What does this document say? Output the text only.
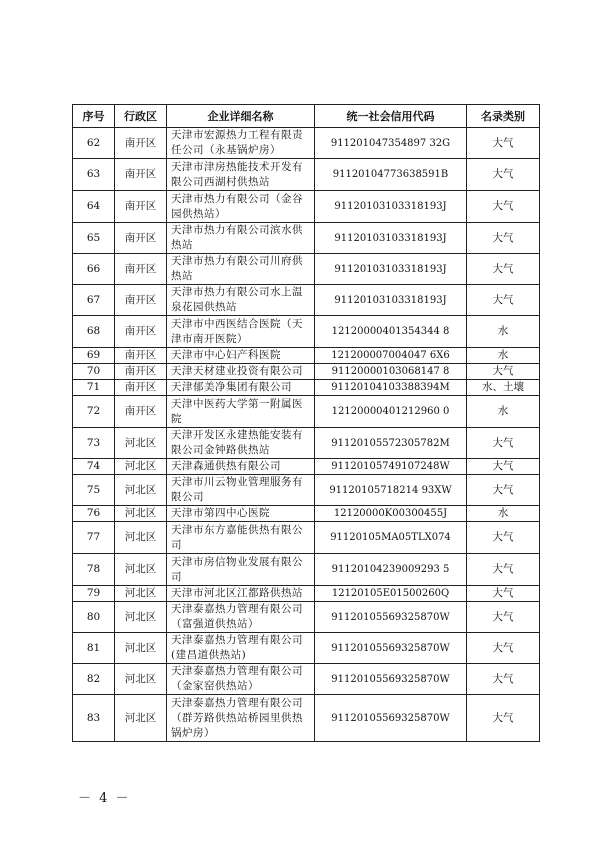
序号	行政区	企业详细名称	统一社会信用代码	名录类别
62	南开区	天津市宏源热力工程有限责任公司（永基锅炉房）	911201047354897 32G	大气
63	南开区	天津市津房热能技术开发有限公司西湖村供热站	91120104773638591B	大气
64	南开区	天津市热力有限公司（金谷园供热站）	91120103103318193J	大气
65	南开区	天津市热力有限公司滨水供热站	91120103103318193J	大气
66	南开区	天津市热力有限公司川府供热站	91120103103318193J	大气
67	南开区	天津市热力有限公司水上温泉花园供热站	91120103103318193J	大气
68	南开区	天津市中西医结合医院（天津市南开医院）	12120000401354344 8	水
69	南开区	天津市中心妇产科医院	121200007004047 6X6	水
70	南开区	天津天材建业投资有限公司	91120000103068147 8	大气
71	南开区	天津郁美净集团有限公司	91120104103388394M	水、土壤
72	南开区	天津中医药大学第一附属医院	12120000401212960 0	水
73	河北区	天津开发区永建热能安装有限公司金钟路供热站	91120105572305782M	大气
74	河北区	天津森通供热有限公司	91120105749107248W	大气
75	河北区	天津市川云物业管理服务有限公司	91120105718214 93XW	大气
76	河北区	天津市第四中心医院	12120000K00300455J	水
77	河北区	天津市东方嘉能供热有限公司	91120105MA05TLX074	大气
78	河北区	天津市房信物业发展有限公司	91120104239009293 5	大气
79	河北区	天津市河北区江都路供热站	12120105E01500260Q	大气
80	河北区	天津泰嘉热力管理有限公司（富强道供热站）	91120105569325870W	大气
81	河北区	天津泰嘉热力管理有限公司(建昌道供热站)	91120105569325870W	大气
82	河北区	天津泰嘉热力管理有限公司（金家窑供热站）	91120105569325870W	大气
83	河北区	天津泰嘉热力管理有限公司（群芳路供热站桥园里供热锅炉房）	91120105569325870W	大气
－ 4 －
